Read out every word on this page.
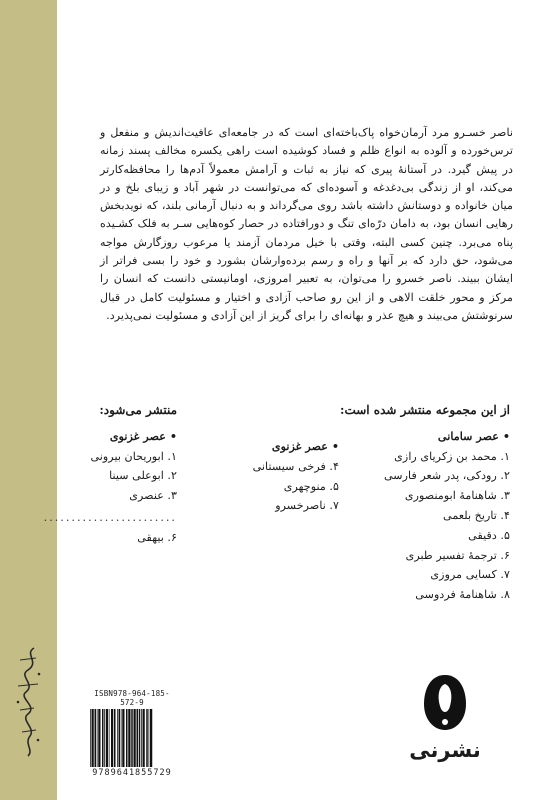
ناصر خسـرو مرد آرمان‌خواه پاک‌باخته‌ای است که در جامعه‌ای عافیت‌اندیش و منفعل و ترس‌خورده و آلوده به انواع ظلم و فساد کوشیده است راهی یکسره مخالف پسند زمانه در پیش گیرد. در آستانهٔ پیری که نیاز به ثبات و آرامش معمولاً آدم‌ها را محافظه‌کارتر می‌کند، او از زندگی بی‌دغدغه و آسوده‌ای که می‌توانست در شهر آباد و زیبای بلخ و در میان خانواده و دوستانش داشته باشد روی می‌گرداند و به دنبال آرمانی بلند، که نویدبخش رهایی انسان بود، به دامان درّه‌ای تنگ و دورافتاده در حصار کوه‌هایی سـر به فلک کشـیده پناه می‌برد. چنین کسی البته، وقتی با خیل مردمان آزمند یا مرعوب روزگارش مواجه می‌شود، حق دارد که بر آنها و راه و رسم برده‌وارشان بشورد و خود را بسی فراتر از ایشان ببیند. ناصر خسرو را می‌توان، به تعبیر امروزی، اومانیستی دانست که انسان را مرکز و محور خلقت الاهی و از این رو صاحب آزادی و اختیار و مسئولیت کامل در قبال سرنوشتش می‌بیند و هیچ عذر و بهانه‌ای را برای گریز از این آزادی و مسئولیت نمی‌پذیرد.

از این مجموعه منتشر شده است:
• عصر سامانی
۱. محمد بن زکریای رازی
۲. رودکی، پدر شعر فارسی
۳. شاهنامهٔ ابومنصوری
۴. تاریخ بلعمی
۵. دقیقی
۶. ترجمهٔ تفسیر طبری
۷. کسایی مروزی
۸. شاهنامهٔ فردوسی
• عصر غزنوی
۴. فرخی سیستانی
۵. منوچهری
۷. ناصرخسرو
منتشر می‌شود:
• عصر غزنوی
۱. ابوریحان بیرونی
۲. ابوعلی سینا
۳. عنصری
........................
۶. بیهقی
ISBN978-964-185-572-9
9789641855729
نشرنی
